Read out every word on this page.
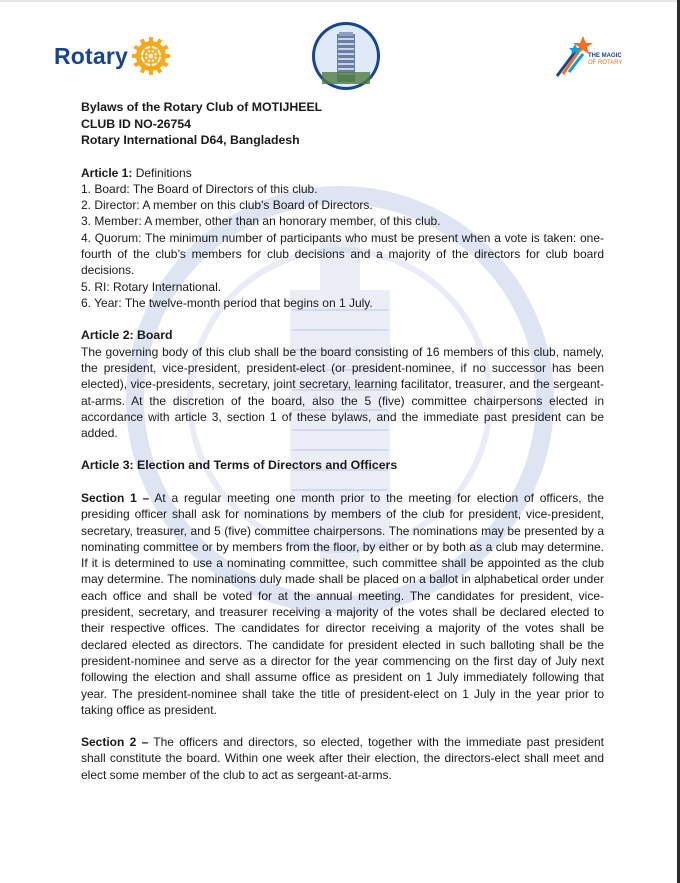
Rotary	THE MAGIC
OF ROTARY

Bylaws of the Rotary Club of MOTIJHEEL

CLUB ID NO-26754

Rotary International D64, Bangladesh

Article 1: Definitions

1. Board: The Board of Directors of this club.

2. Director: A member on this club's Board of Directors.

3. Member: A member, other than an honorary member, of this club.

4. Quorum: The minimum number of participants who must be present when a vote is taken: one-fourth of the club’s members for club decisions and a majority of the directors for club board decisions.

5. RI: Rotary International.

6. Year: The twelve-month period that begins on 1 July.

Article 2: Board

The governing body of this club shall be the board consisting of 16 members of this club, namely, the president, vice-president, president-elect (or president-nominee, if no successor has been elected), vice-presidents, secretary, joint secretary, learning facilitator, treasurer, and the sergeant-at-arms. At the discretion of the board, also the 5 (five) committee chairpersons elected in accordance with article 3, section 1 of these bylaws, and the immediate past president can be added.

Article 3: Election and Terms of Directors and Officers

Section 1 – At a regular meeting one month prior to the meeting for election of officers, the presiding officer shall ask for nominations by members of the club for president, vice-president, secretary, treasurer, and 5 (five) committee chairpersons. The nominations may be presented by a nominating committee or by members from the floor, by either or by both as a club may determine. If it is determined to use a nominating committee, such committee shall be appointed as the club may determine. The nominations duly made shall be placed on a ballot in alphabetical order under each office and shall be voted for at the annual meeting. The candidates for president, vice-president, secretary, and treasurer receiving a majority of the votes shall be declared elected to their respective offices. The candidates for director receiving a majority of the votes shall be declared elected as directors. The candidate for president elected in such balloting shall be the president-nominee and serve as a director for the year commencing on the first day of July next following the election and shall assume office as president on 1 July immediately following that year. The president-nominee shall take the title of president-elect on 1 July in the year prior to taking office as president.

Section 2 – The officers and directors, so elected, together with the immediate past president shall constitute the board. Within one week after their election, the directors-elect shall meet and elect some member of the club to act as sergeant-at-arms.
